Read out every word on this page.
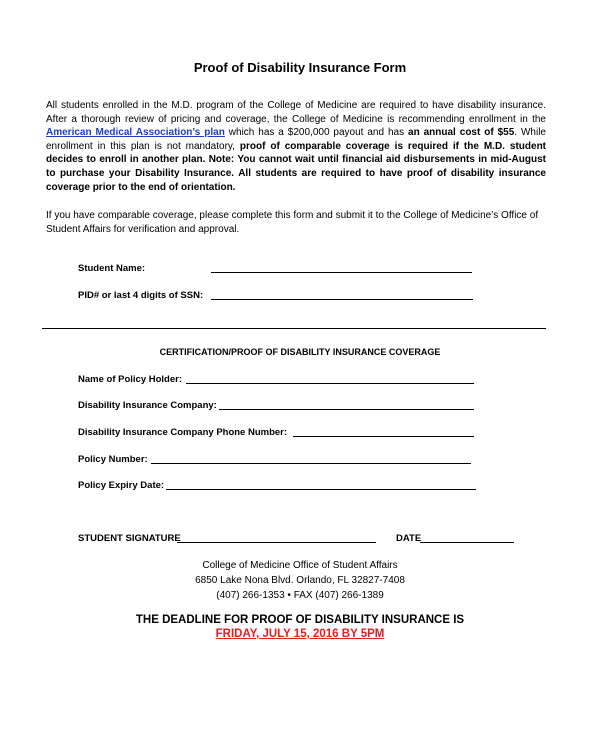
Proof of Disability Insurance Form
All students enrolled in the M.D. program of the College of Medicine are required to have disability insurance. After a thorough review of pricing and coverage, the College of Medicine is recommending enrollment in the American Medical Association’s plan which has a $200,000 payout and has an annual cost of $55. While enrollment in this plan is not mandatory, proof of comparable coverage is required if the M.D. student decides to enroll in another plan. Note: You cannot wait until financial aid disbursements in mid-August to purchase your Disability Insurance. All students are required to have proof of disability insurance coverage prior to the end of orientation.
If you have comparable coverage, please complete this form and submit it to the College of Medicine’s Office of Student Affairs for verification and approval.
Student Name:
PID# or last 4 digits of SSN:
CERTIFICATION/PROOF OF DISABILITY INSURANCE COVERAGE
Name of Policy Holder:
Disability Insurance Company:
Disability Insurance Company Phone Number:
Policy Number:
Policy Expiry Date:
STUDENT SIGNATURE	DATE
College of Medicine Office of Student Affairs
6850 Lake Nona Blvd. Orlando, FL 32827-7408
(407) 266-1353 • FAX (407) 266-1389
THE DEADLINE FOR PROOF OF DISABILITY INSURANCE IS
FRIDAY, JULY 15, 2016 BY 5PM
